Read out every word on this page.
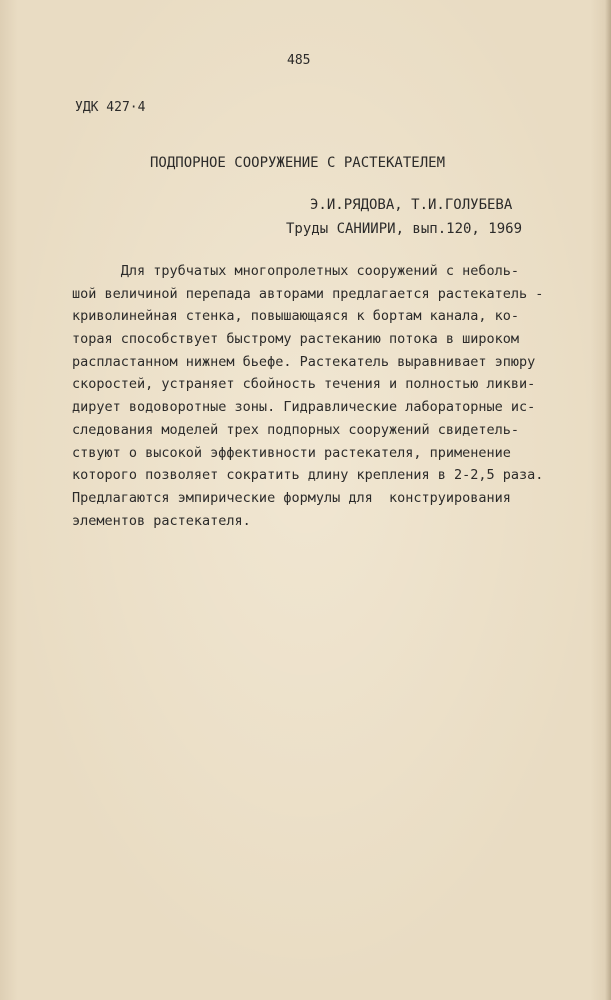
485
УДК 427·4
ПОДПОРНОЕ СООРУЖЕНИЕ С РАСТЕКАТЕЛЕМ
Э.И.РЯДОВА, Т.И.ГОЛУБЕВА
Труды САНИИРИ, вып.120, 1969
Для трубчатых многопролетных сооружений с неболь-
шой величиной перепада авторами предлагается растекатель -
криволинейная стенка, повышающаяся к бортам канала, ко-
торая способствует быстрому растеканию потока в широком
распластанном нижнем бьефе. Растекатель выравнивает эпюру
скоростей, устраняет сбойность течения и полностью ликви-
дирует водоворотные зоны. Гидравлические лабораторные ис-
следования моделей трех подпорных сооружений свидетель-
ствуют о высокой эффективности растекателя, применение
которого позволяет сократить длину крепления в 2-2,5 раза.
Предлагаются эмпирические формулы для  конструирования
элементов растекателя.
